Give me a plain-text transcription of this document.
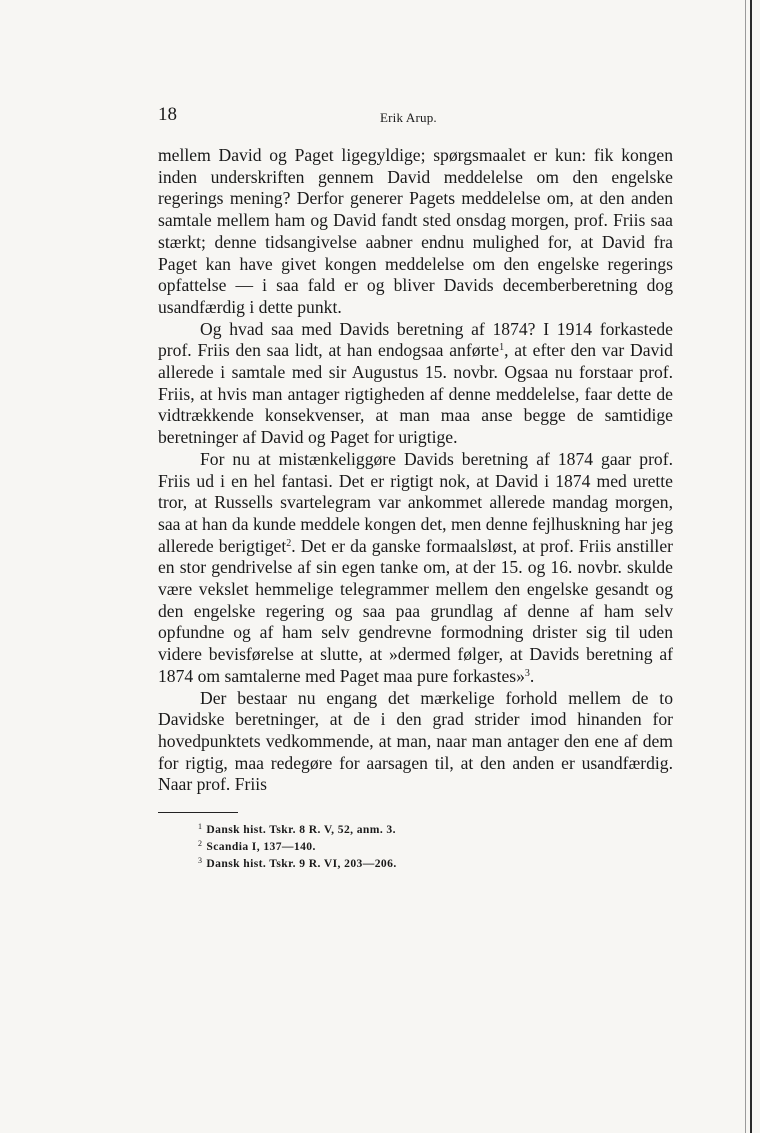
18	Erik Arup.

mellem David og Paget ligegyldige; spørgsmaalet er kun: fik kongen inden underskriften gennem David meddelelse om den engelske regerings mening? Derfor generer Pagets meddelelse om, at den anden samtale mellem ham og David fandt sted onsdag morgen, prof. Friis saa stærkt; denne tidsangivelse aabner endnu mulighed for, at David fra Paget kan have givet kongen meddelelse om den engelske regerings opfattelse — i saa fald er og bliver Davids decemberberetning dog usandfærdig i dette punkt.

Og hvad saa med Davids beretning af 1874? I 1914 forkastede prof. Friis den saa lidt, at han endogsaa anførte$^1$, at efter den var David allerede i samtale med sir Augustus 15. novbr. Ogsaa nu forstaar prof. Friis, at hvis man antager rigtigheden af denne meddelelse, faar dette de vidtrækkende konsekvenser, at man maa anse begge de samtidige beretninger af David og Paget for urigtige.

For nu at mistænkeliggøre Davids beretning af 1874 gaar prof. Friis ud i en hel fantasi. Det er rigtigt nok, at David i 1874 med urette tror, at Russells svartelegram var ankommet allerede mandag morgen, saa at han da kunde meddele kongen det, men denne fejlhuskning har jeg allerede berigtiget$^2$. Det er da ganske formaalsløst, at prof. Friis anstiller en stor gendrivelse af sin egen tanke om, at der 15. og 16. novbr. skulde være vekslet hemmelige telegrammer mellem den engelske gesandt og den engelske regering og saa paa grundlag af denne af ham selv opfundne og af ham selv gendrevne formodning drister sig til uden videre bevisførelse at slutte, at »dermed følger, at Davids beretning af 1874 om samtalerne med Paget maa pure forkastes»$^3$.

Der bestaar nu engang det mærkelige forhold mellem de to Davidske beretninger, at de i den grad strider imod hinanden for hovedpunktets vedkommende, at man, naar man antager den ene af dem for rigtig, maa redegøre for aarsagen til, at den anden er usandfærdig. Naar prof. Friis

$^1$ Dansk hist. Tskr. 8 R. V, 52, anm. 3.
$^2$ Scandia I, 137—140.
$^3$ Dansk hist. Tskr. 9 R. VI, 203—206.
